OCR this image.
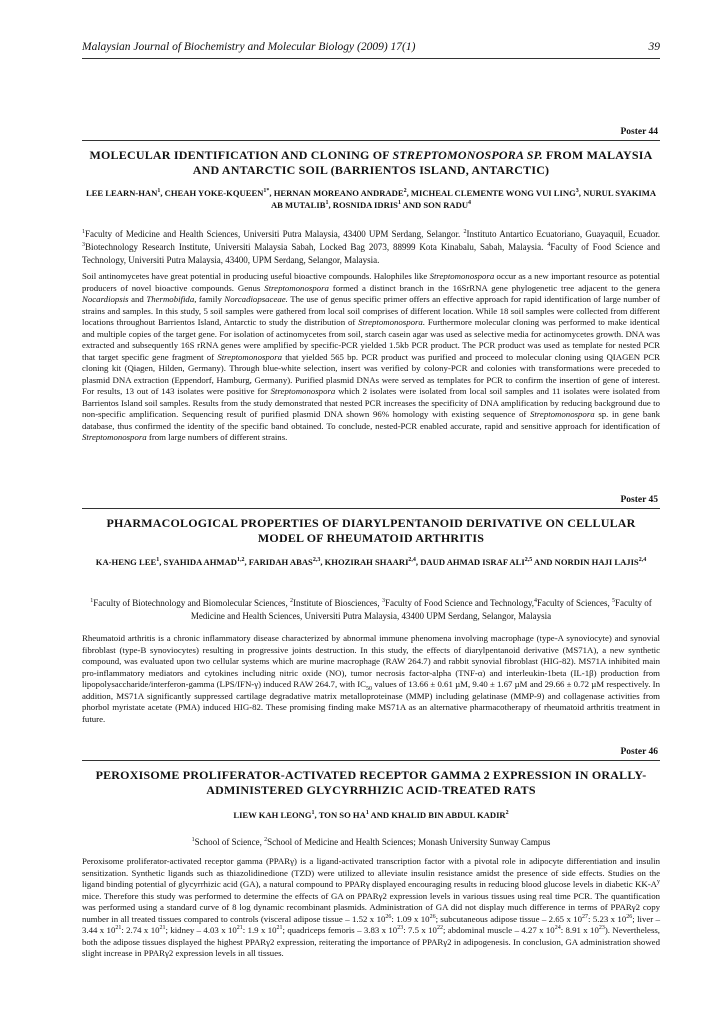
Malaysian Journal of Biochemistry and Molecular Biology (2009) 17(1)	39
Poster 44
MOLECULAR IDENTIFICATION AND CLONING OF STREPTOMONOSPORA SP. FROM MALAYSIA AND ANTARCTIC SOIL (BARRIENTOS ISLAND, ANTARCTIC)
LEE LEARN-HAN$^1$, CHEAH YOKE-$KQUEEN^{1*}$, HERNAN MOREANO ANDRADE$^2$, MICHEAL CLEMENTE WONG VUI LING$^3$, NURUL SYAKIMA AB MUTALIB$^1$, ROSNIDA IDRIS$^1$ AND SON RADU$^4$
$^1$Faculty of Medicine and Health Sciences, Universiti Putra Malaysia, 43400 UPM Serdang, Selangor. $^2$Instituto Antartico Ecuatoriano, Guayaquil, Ecuador. $^3$Biotechnology Research Institute, Universiti Malaysia Sabah, Locked Bag 2073, 88999 Kota Kinabalu, Sabah, Malaysia. $^4$Faculty of Food Science and Technology, Universiti Putra Malaysia, 43400, UPM Serdang, Selangor, Malaysia.
Soil antinomycetes have great potential in producing useful bioactive compounds. Halophiles like Streptomonospora occur as a new important resource as potential producers of novel bioactive compounds. Genus Streptomonospora formed a distinct branch in the 16SrRNA gene phylogenetic tree adjacent to the genera Nocardiopsis and Thermobifida, family Norcadiopsaceae. The use of genus specific primer offers an effective approach for rapid identification of large number of strains and samples. In this study, 5 soil samples were gathered from local soil comprises of different location. While 18 soil samples were collected from different locations throughout Barrientos Island, Antarctic to study the distribution of Streptomonospora. Furthermore molecular cloning was performed to make identical and multiple copies of the target gene. For isolation of actinomycetes from soil, starch casein agar was used as selective media for actinomycetes growth. DNA was extracted and subsequently 16S rRNA genes were amplified by specific-PCR yielded 1.5kb PCR product. The PCR product was used as template for nested PCR that target specific gene fragment of Streptomonospora that yielded 565 bp. PCR product was purified and proceed to molecular cloning using QIAGEN PCR cloning kit (Qiagen, Hilden, Germany). Through blue-white selection, insert was verified by colony-PCR and colonies with transformations were preceded to plasmid DNA extraction (Eppendorf, Hamburg, Germany). Purified plasmid DNAs were served as templates for PCR to confirm the insertion of gene of interest. For results, 13 out of 143 isolates were positive for Streptomonospora which 2 isolates were isolated from local soil samples and 11 isolates were isolated from Barrientos Island soil samples. Results from the study demonstrated that nested PCR increases the specificity of DNA amplification by reducing background due to non-specific amplification. Sequencing result of purified plasmid DNA shown 96% homology with existing sequence of Streptomonospora sp. in gene bank database, thus confirmed the identity of the specific band obtained. To conclude, nested-PCR enabled accurate, rapid and sensitive approach for identification of Streptomonospora from large numbers of different strains.
Poster 45
PHARMACOLOGICAL PROPERTIES OF DIARYLPENTANOID DERIVATIVE ON CELLULAR MODEL OF RHEUMATOID ARTHRITIS
KA-HENG LEE$^1$, SYAHIDA AHMAD$^{1,2}$, FARIDAH ABAS$^{2,3}$, KHOZIRAH SHAARI$^{2,4}$, DAUD AHMAD ISRAF ALI$^{2,5}$ AND NORDIN HAJI LAJIS$^{2,4}$
$^1$Faculty of Biotechnology and Biomolecular Sciences, $^2$Institute of Biosciences, $^3$Faculty of Food Science and Technology,$^4$Faculty of Sciences, $^5$Faculty of Medicine and Health Sciences, Universiti Putra Malaysia, 43400 UPM Serdang, Selangor, Malaysia
Rheumatoid arthritis is a chronic inflammatory disease characterized by abnormal immune phenomena involving macrophage (type-A synoviocyte) and synovial fibroblast (type-B synoviocytes) resulting in progressive joints destruction. In this study, the effects of diarylpentanoid derivative (MS71A), a new synthetic compound, was evaluated upon two cellular systems which are murine macrophage (RAW 264.7) and rabbit synovial fibroblast (HIG-82). MS71A inhibited main pro-inflammatory mediators and cytokines including nitric oxide (NO), tumor necrosis factor-alpha (TNF-α) and interleukin-1beta (IL-1β) production from lipopolysaccharide/interferon-gamma (LPS/IFN-γ) induced RAW 264.7, with $IC_{50}$ values of 13.66 ± 0.61 µM, 9.40 ± 1.67 µM and 29.66 ± 0.72 µM respectively. In addition, MS71A significantly suppressed cartilage degradative matrix metalloproteinase (MMP) including gelatinase (MMP-9) and collagenase activities from phorbol myristate acetate (PMA) induced HIG-82. These promising finding make MS71A as an alternative pharmacotherapy of rheumatoid arthritis treatment in future.
Poster 46
PEROXISOME PROLIFERATOR-ACTIVATED RECEPTOR GAMMA 2 EXPRESSION IN ORALLY-ADMINISTERED GLYCYRRHIZIC ACID-TREATED RATS
LIEW KAH LEONG$^1$, TON SO $HA^1$ AND KHALID BIN ABDUL KADIR$^2$
$^1$School of Science, $^2$School of Medicine and Health Sciences; Monash University Sunway Campus
Peroxisome proliferator-activated receptor gamma (PPARγ) is a ligand-activated transcription factor with a pivotal role in adipocyte differentiation and insulin sensitization. Synthetic ligands such as thiazolidinedione (TZD) were utilized to alleviate insulin resistance amidst the presence of side effects. Studies on the ligand binding potential of glycyrrhizic acid (GA), a natural compound to PPARγ displayed encouraging results in reducing blood glucose levels in diabetic $KK-A^y$ mice. Therefore this study was performed to determine the effects of GA on PPARγ2 expression levels in various tissues using real time PCR. The quantification was performed using a standard curve of 8 log dynamic recombinant plasmids. Administration of GA did not display much difference in terms of PPARγ2 copy number in all treated tissues compared to controls (visceral adipose tissue – 1.52 x $10^{26}$: 1.09 x $10^{26}$; subcutaneous adipose tissue – 2.65 x $10^{27}$: 5.23 x $10^{26}$; liver – 3.44 x $10^{21}$: 2.74 x $10^{21}$; kidney – 4.03 x $10^{21}$: 1.9 x $10^{21}$; quadriceps femoris – 3.83 x $10^{23}$: 7.5 x $10^{22}$; abdominal muscle – 4.27 x $10^{24}$: 8.91 x $10^{23}$). Nevertheless, both the adipose tissues displayed the highest PPARγ2 expression, reiterating the importance of PPARγ2 in adipogenesis. In conclusion, GA administration showed slight increase in PPARγ2 expression levels in all tissues.
